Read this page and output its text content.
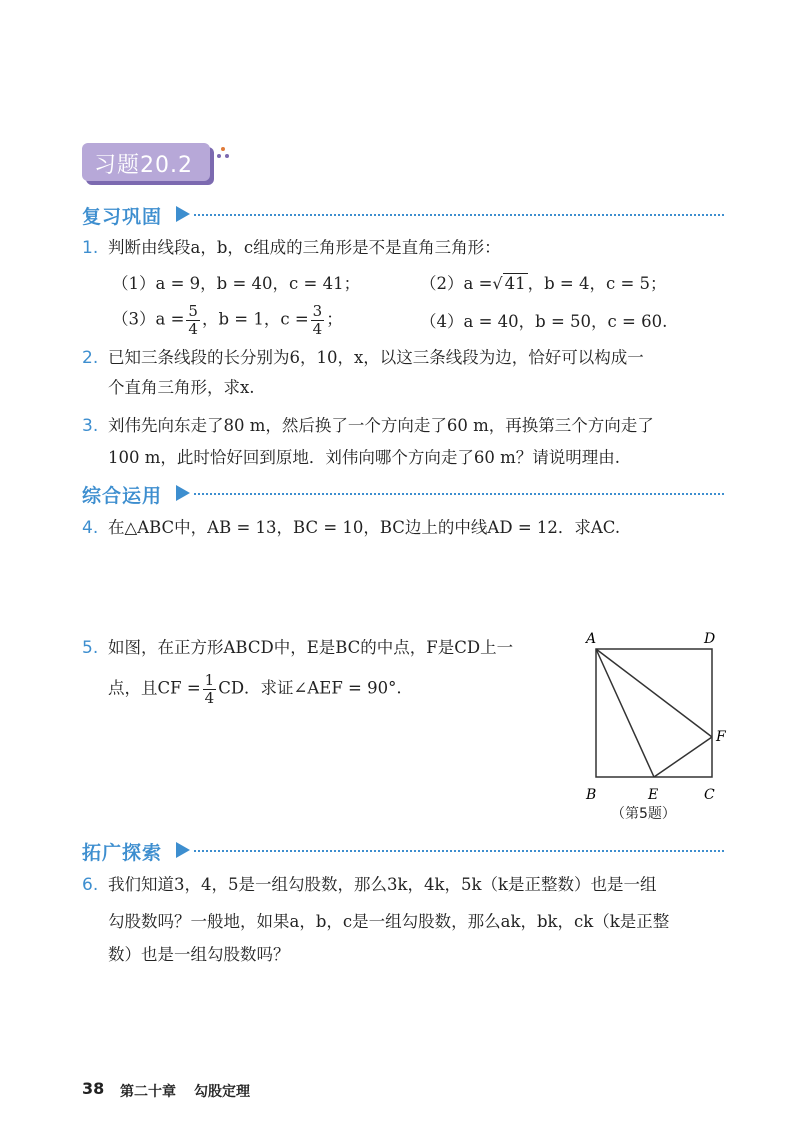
习题20.2
复习巩固
1. 判断由线段a，b，c组成的三角形是不是直角三角形：
（1）a = 9，b = 40，c = 41；	（2）a =√ 41 ，b = 4，c = 5；
$(3)a = \frac{5}{4}$ ，b = 1，$c = \frac{3}{4}$ ；	（4）a = 40，b = 50，c = 60.
2. 已知三条线段的长分别为6，10，x，以这三条线段为边，恰好可以构成一
个直角三角形，求x.
3. 刘伟先向东走了80 m，然后换了一个方向走了60 m，再换第三个方向走了
100 m，此时恰好回到原地．刘伟向哪个方向走了60 m？请说明理由.
综合运用
4. 在△ABC中，AB = 13，BC = 10，BC边上的中线AD = 12．求AC.
5. 如图，在正方形ABCD中，E是BC的中点，F是CD上一
点，且CF = $\frac{1}{4}$ CD．求证∠AEF = 90°.
A	D
B	E	C
F
（第5题）
拓广探索
6. 我们知道3，4，5是一组勾股数，那么3k，4k，5k（k是正整数）也是一组
勾股数吗？一般地，如果a，b，c是一组勾股数，那么ak，bk，ck（k是正整
数）也是一组勾股数吗？
38 第二十章 勾股定理
